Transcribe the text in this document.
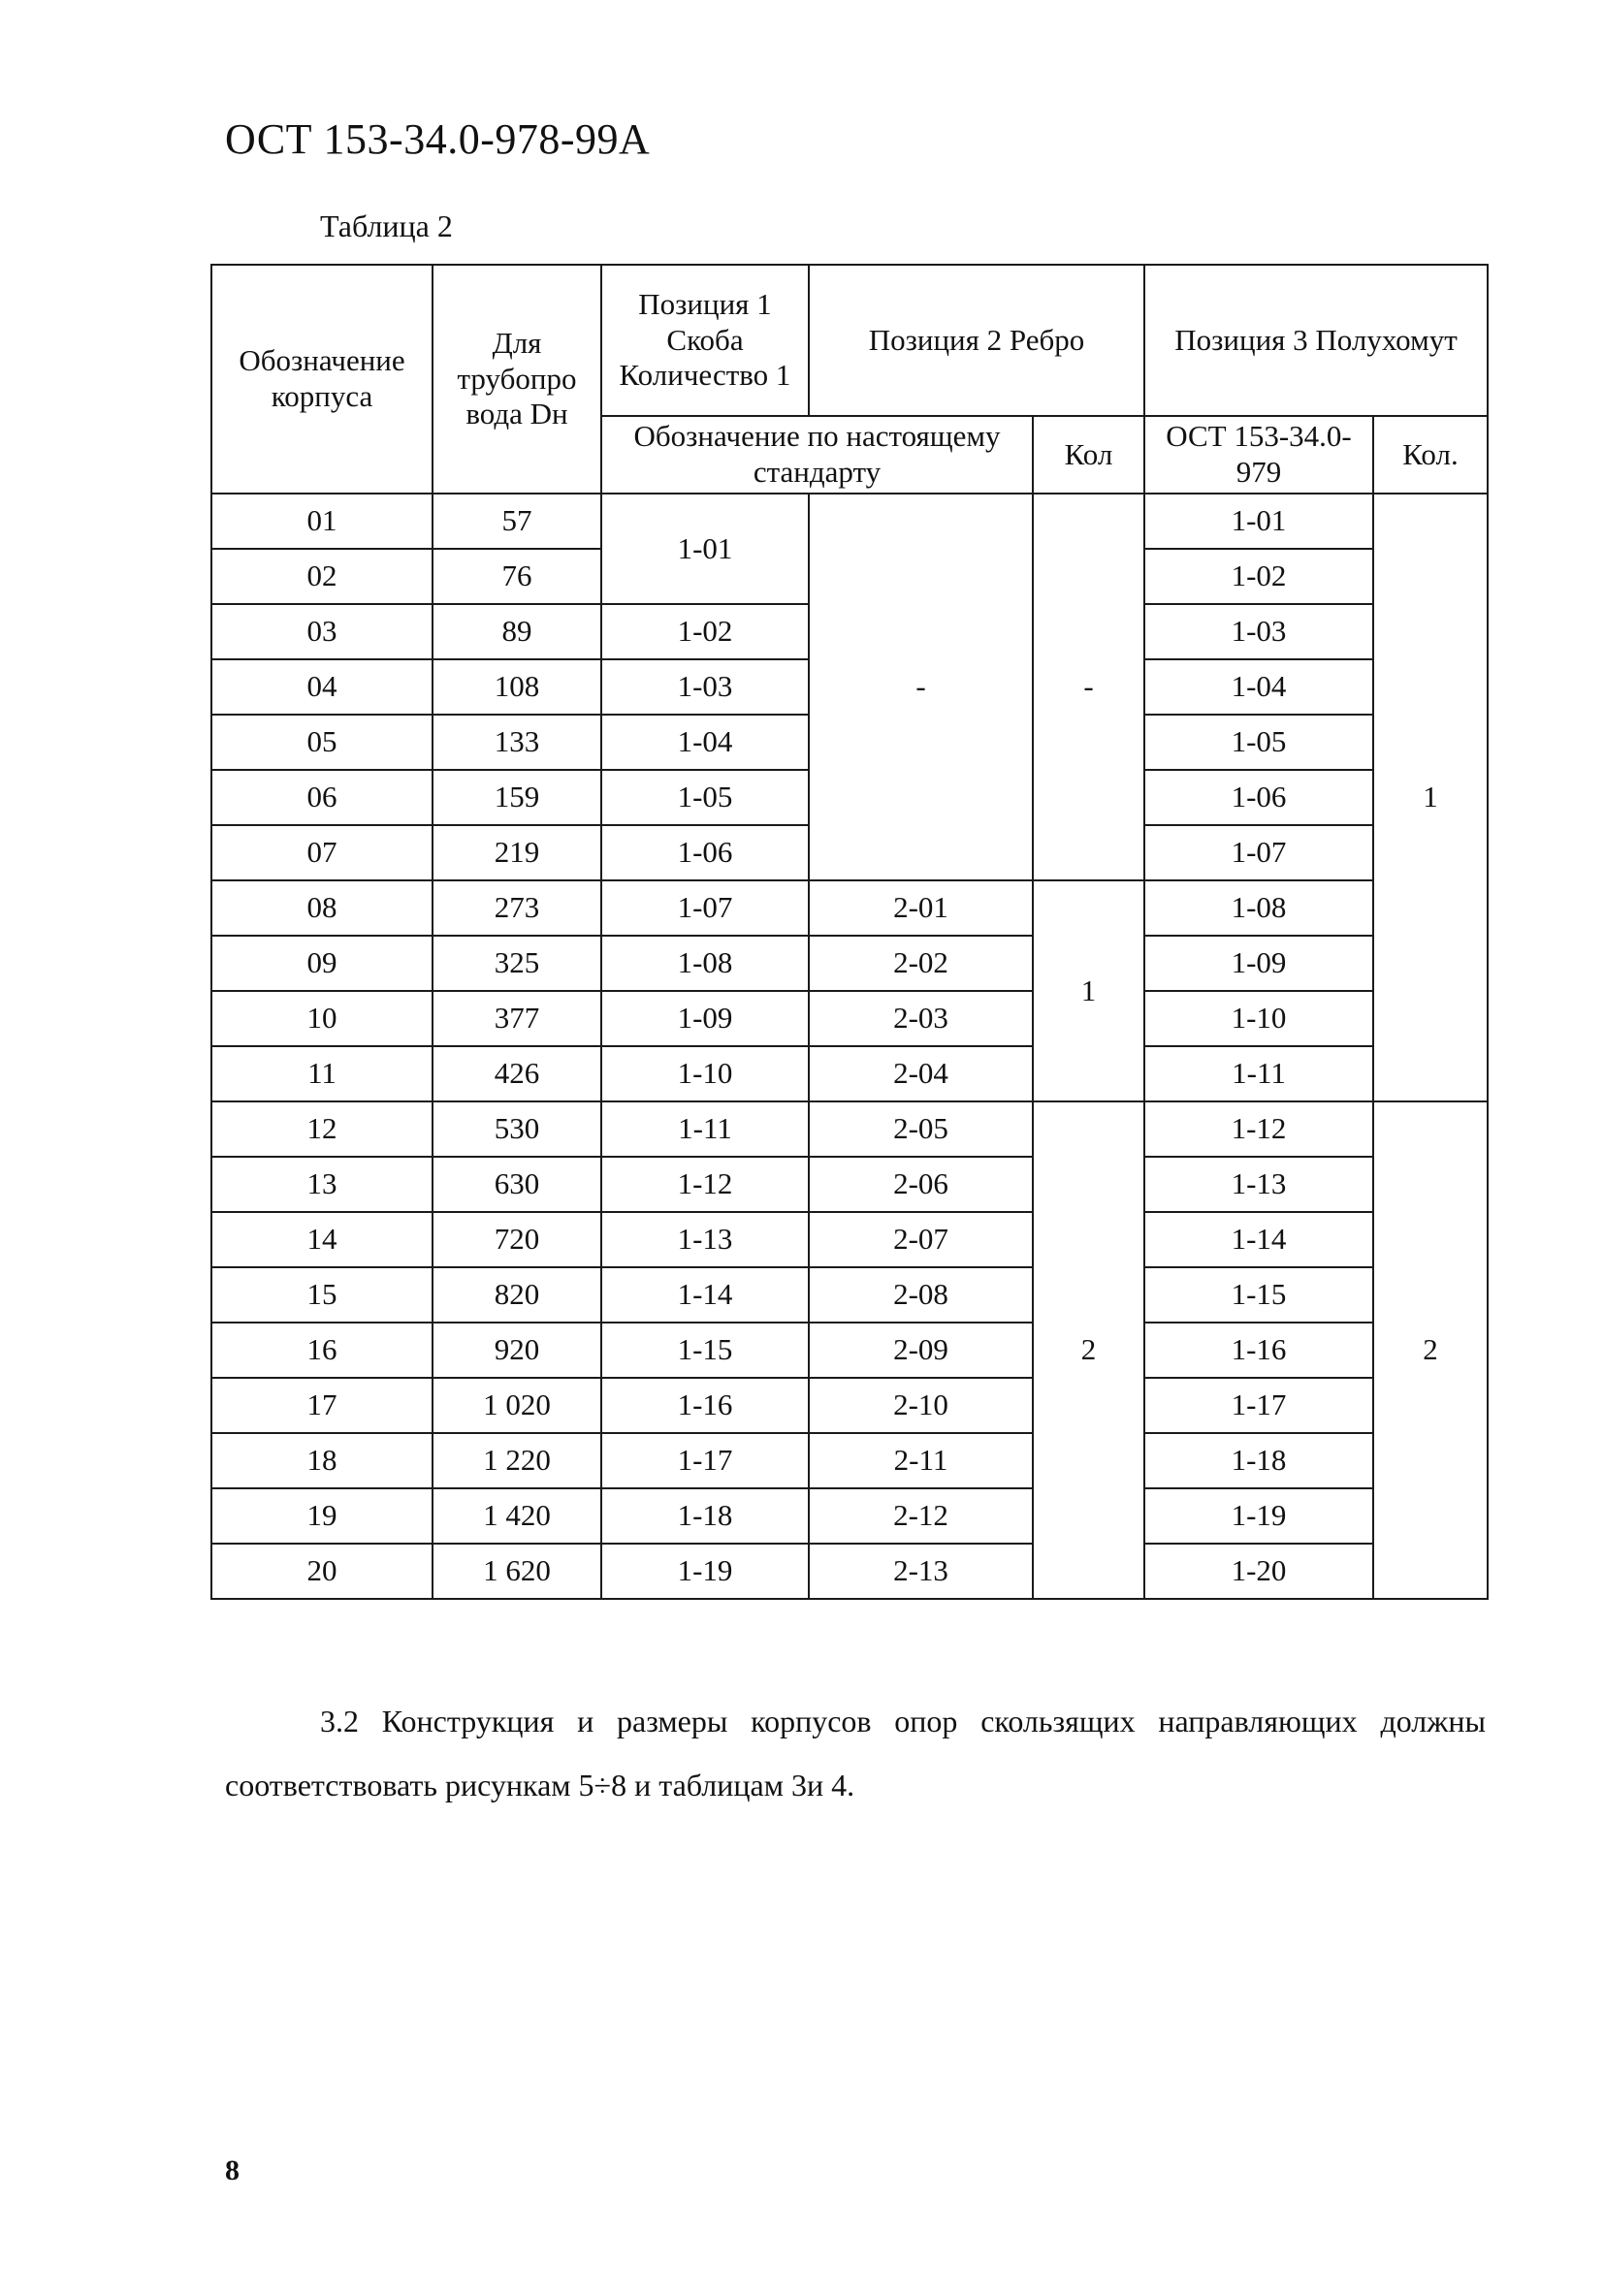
ОСТ 153-34.0-978-99А
Таблица 2
Обозначение корпуса	Для трубопро вода Dн	Позиция 1 Скоба Количество 1	Позиция 2 Ребро		Позиция 3 Полухомут	
		Обозначение по настоящему стандарту		Кол	ОСТ 153-34.0-979	Кол.
01	57	1-01	-	-	1-01	1
02	76				1-02	
03	89	1-02			1-03	
04	108	1-03			1-04	
05	133	1-04			1-05	
06	159	1-05			1-06	
07	219	1-06			1-07	
08	273	1-07	2-01	1	1-08	
09	325	1-08	2-02		1-09	
10	377	1-09	2-03		1-10	
11	426	1-10	2-04		1-11	
12	530	1-11	2-05	2	1-12	2
13	630	1-12	2-06		1-13	
14	720	1-13	2-07		1-14	
15	820	1-14	2-08		1-15	
16	920	1-15	2-09		1-16	
17	1 020	1-16	2-10		1-17	
18	1 220	1-17	2-11		1-18	
19	1 420	1-18	2-12		1-19	
20	1 620	1-19	2-13		1-20	
3.2 Конструкция и размеры корпусов опор скользящих направляющих должны соответствовать рисункам 5÷8 и таблицам 3и 4.
8
